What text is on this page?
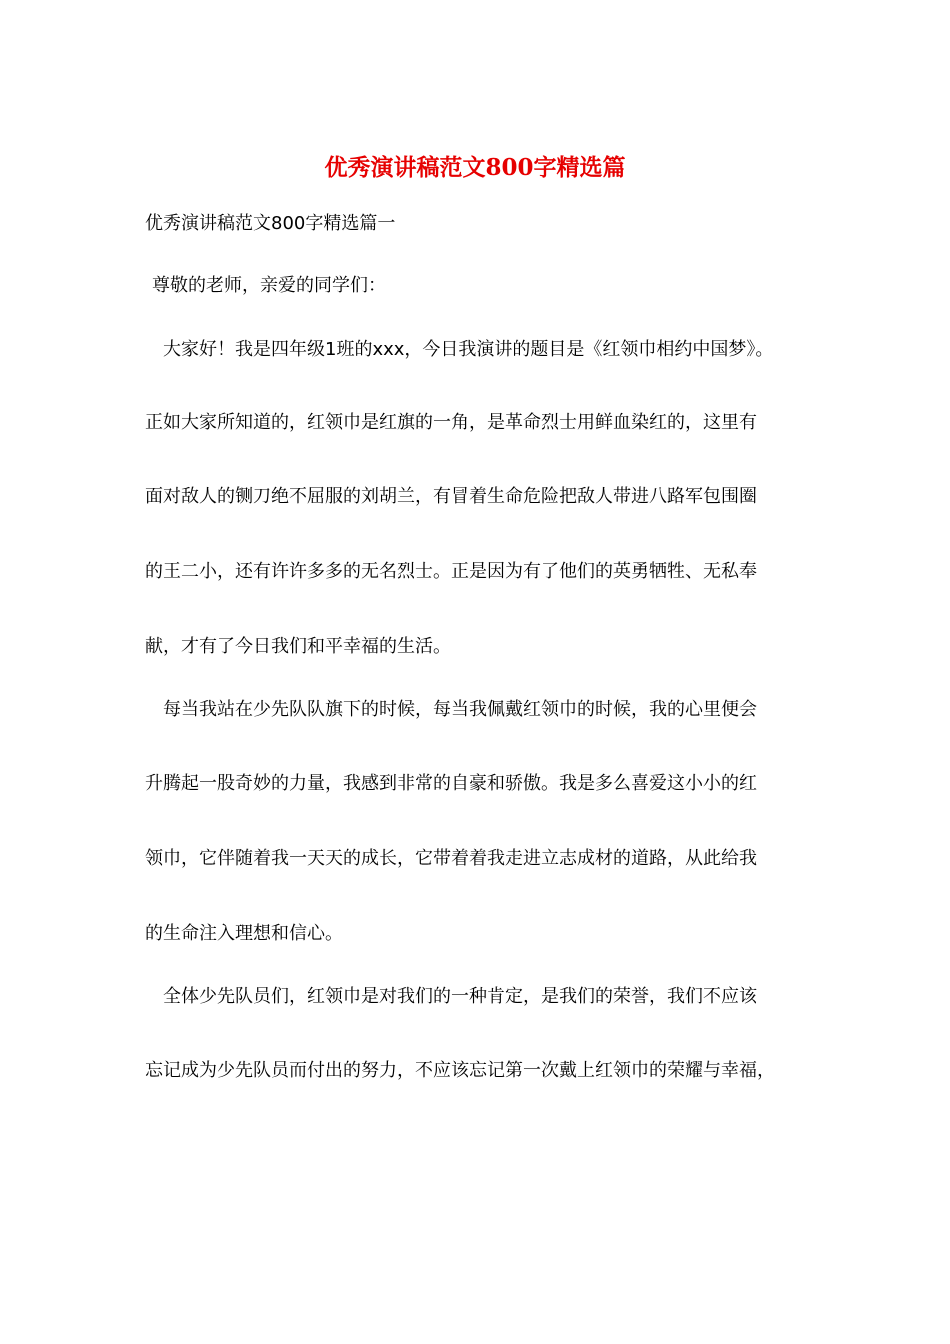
优秀演讲稿范文800字精选篇
优秀演讲稿范文800字精选篇一
尊敬的老师，亲爱的同学们：
大家好！我是四年级1班的xxx，今日我演讲的题目是《红领巾相约中国梦》。
正如大家所知道的，红领巾是红旗的一角，是革命烈士用鲜血染红的，这里有
面对敌人的铡刀绝不屈服的刘胡兰，有冒着生命危险把敌人带进八路军包围圈
的王二小，还有许许多多的无名烈士。正是因为有了他们的英勇牺牲、无私奉
献，才有了今日我们和平幸福的生活。
每当我站在少先队队旗下的时候，每当我佩戴红领巾的时候，我的心里便会
升腾起一股奇妙的力量，我感到非常的自豪和骄傲。我是多么喜爱这小小的红
领巾，它伴随着我一天天的成长，它带着着我走进立志成材的道路，从此给我
的生命注入理想和信心。
全体少先队员们，红领巾是对我们的一种肯定，是我们的荣誉，我们不应该
忘记成为少先队员而付出的努力，不应该忘记第一次戴上红领巾的荣耀与幸福，
